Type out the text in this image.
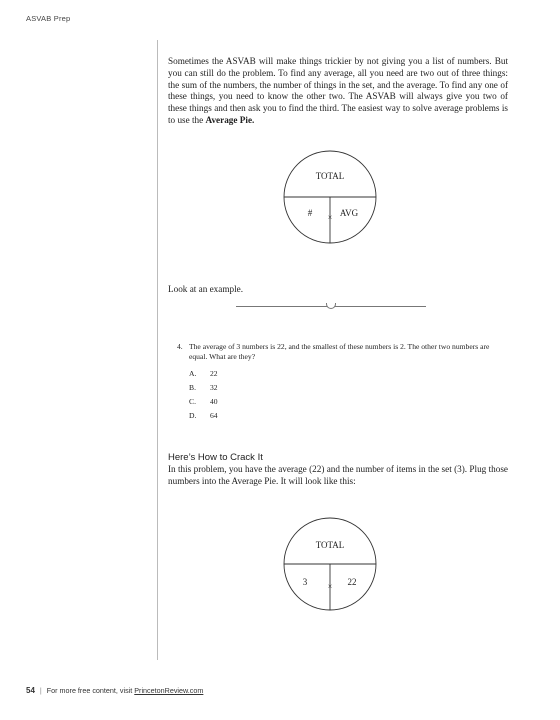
ASVAB Prep

Sometimes the ASVAB will make things trickier by not giving you a list of numbers. But you can still do the problem. To find any average, all you need are two out of three things: the sum of the numbers, the number of things in the set, and the average. To find any one of these things, you need to know the other two. The ASVAB will always give you two of these things and then ask you to find the third. The easiest way to solve average problems is to use the Average Pie.

TOTAL
# × AVG

Look at an example.

4. The average of 3 numbers is 22, and the smallest of these numbers is 2. The other two numbers are equal. What are they?
A. 22
B. 32
C. 40
D. 64
Here’s How to Crack It

In this problem, you have the average (22) and the number of items in the set (3). Plug those numbers into the Average Pie. It will look like this:

TOTAL
3	× 22
54 | For more free content, visit PrincetonReview.com
